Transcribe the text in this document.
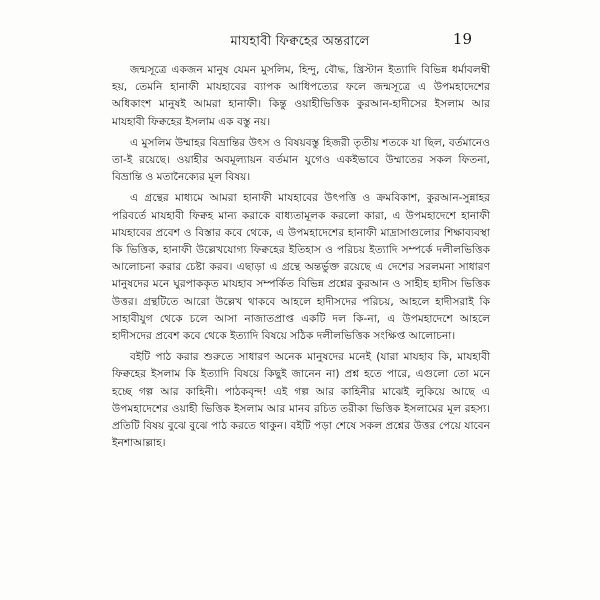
মাযহাবী ফিক্বহের অন্তরালে	19

জন্মসূত্রে একজন মানুষ যেমন মুসলিম, হিন্দু, বৌদ্ধ, খ্রিস্টান ইত্যাদি বিভিন্ন ধর্মাবলম্বী হয়, তেমনি হানাফী মাযহাবের ব্যাপক আধিপত্যের ফলে জন্মসূত্রে এ উপমহাদেশের অধিকাংশ মানুষই আমরা হানাফী। কিন্তু ওয়াহীভিত্তিক কুরআন-হাদীসের ইসলাম আর মাযহাবী ফিক্বহের ইসলাম এক বস্তু নয়।

এ মুসলিম উম্মাহর বিভ্রান্তির উৎস ও বিষয়বস্তু হিজরী তৃতীয় শতকে যা ছিল, বর্তমানেও তা-ই রয়েছে। ওয়াহীর অবমূল্যায়ন বর্তমান যুগেও একইভাবে উম্মাতের সকল ফিতনা, বিভ্রান্তি ও মতানৈক্যের মূল বিষয়।

এ গ্রন্থের মাধ্যমে আমরা হানাফী মাযহাবের উৎপত্তি ও ক্রমবিকাশ, কুরআন-সুন্নাহর পরিবর্তে মাযহাবী ফিক্বহ মান্য করাকে বাধ্যতামূলক করলো কারা, এ উপমহাদেশে হানাফী মাযহাবের প্রবেশ ও বিস্তার কবে থেকে, এ উপমহাদেশের হানাফী মাদ্রাসাগুলোর শিক্ষাব্যবস্থা কি ভিত্তিক, হানাফী উল্লেখযোগ্য ফিক্বহের ইতিহাস ও পরিচয় ইত্যাদি সম্পর্কে দলীলভিত্তিক আলোচনা করার চেষ্টা করব। এছাড়া এ গ্রন্থে অন্তর্ভুক্ত রয়েছে এ দেশের সরলমনা সাধারণ মানুষদের মনে ঘুরপাককৃত মাযহাব সম্পর্কিত বিভিন্ন প্রশ্নের কুরআন ও সাহীহ হাদীস ভিত্তিক উত্তর। গ্রন্থটিতে আরো উল্লেখ থাকবে আহলে হাদীসদের পরিচয়, আহলে হাদীসরাই কি সাহাবীযুগ থেকে চলে আসা নাজাতপ্রাপ্ত একটি দল কি-না, এ উপমহাদেশে আহলে হাদীসদের প্রবেশ কবে থেকে ইত্যাদি বিষয়ে সঠিক দলীলভিত্তিক সংক্ষিপ্ত আলোচনা।

বইটি পাঠ করার শুরুতে সাধারণ অনেক মানুষদের মনেই (যারা মাযহাব কি, মাযহাবী ফিক্বহের ইসলাম কি ইত্যাদি বিষয়ে কিছুই জানেন না) প্রশ্ন হতে পারে, এগুলো তো মনে হচ্ছে গল্প আর কাহিনী। পাঠকবৃন্দ! এই গল্প আর কাহিনীর মাঝেই লুকিয়ে আছে এ উপমহাদেশের ওয়াহী ভিত্তিক ইসলাম আর মানব রচিত তরীকা ভিত্তিক ইসলামের মূল রহস্য। প্রতিটি বিষয় বুঝে বুঝে পাঠ করতে থাকুন। বইটি পড়া শেষে সকল প্রশ্নের উত্তর পেয়ে যাবেন ইনশাআল্লাহ।
